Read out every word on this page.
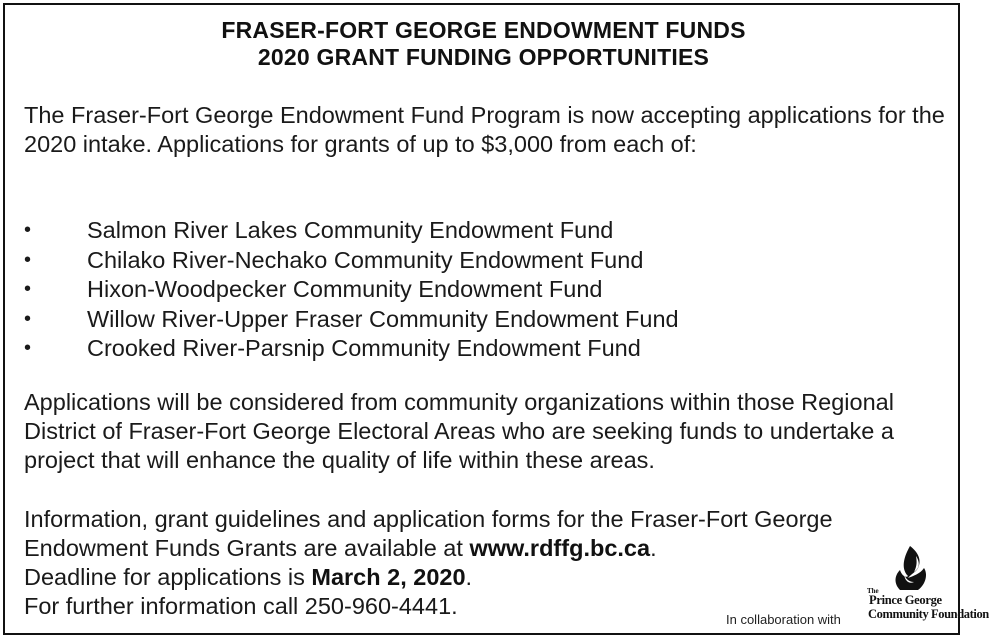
FRASER-FORT GEORGE ENDOWMENT FUNDS
2020 GRANT FUNDING OPPORTUNITIES
The Fraser-Fort George Endowment Fund Program is now accepting applications for the 2020 intake. Applications for grants of up to $3,000 from each of:
•	Salmon River Lakes Community Endowment Fund
•	Chilako River-Nechako Community Endowment Fund
•	Hixon-Woodpecker Community Endowment Fund
•	Willow River-Upper Fraser Community Endowment Fund
•	Crooked River-Parsnip Community Endowment Fund
Applications will be considered from community organizations within those Regional District of Fraser-Fort George Electoral Areas who are seeking funds to undertake a project that will enhance the quality of life within these areas.
Information, grant guidelines and application forms for the Fraser-Fort George
Endowment Funds Grants are available at www.rdffg.bc.ca.
Deadline for applications is March 2, 2020.
For further information call 250-960-4441.
In collaboration with
The
Prince George
Community Foundation
